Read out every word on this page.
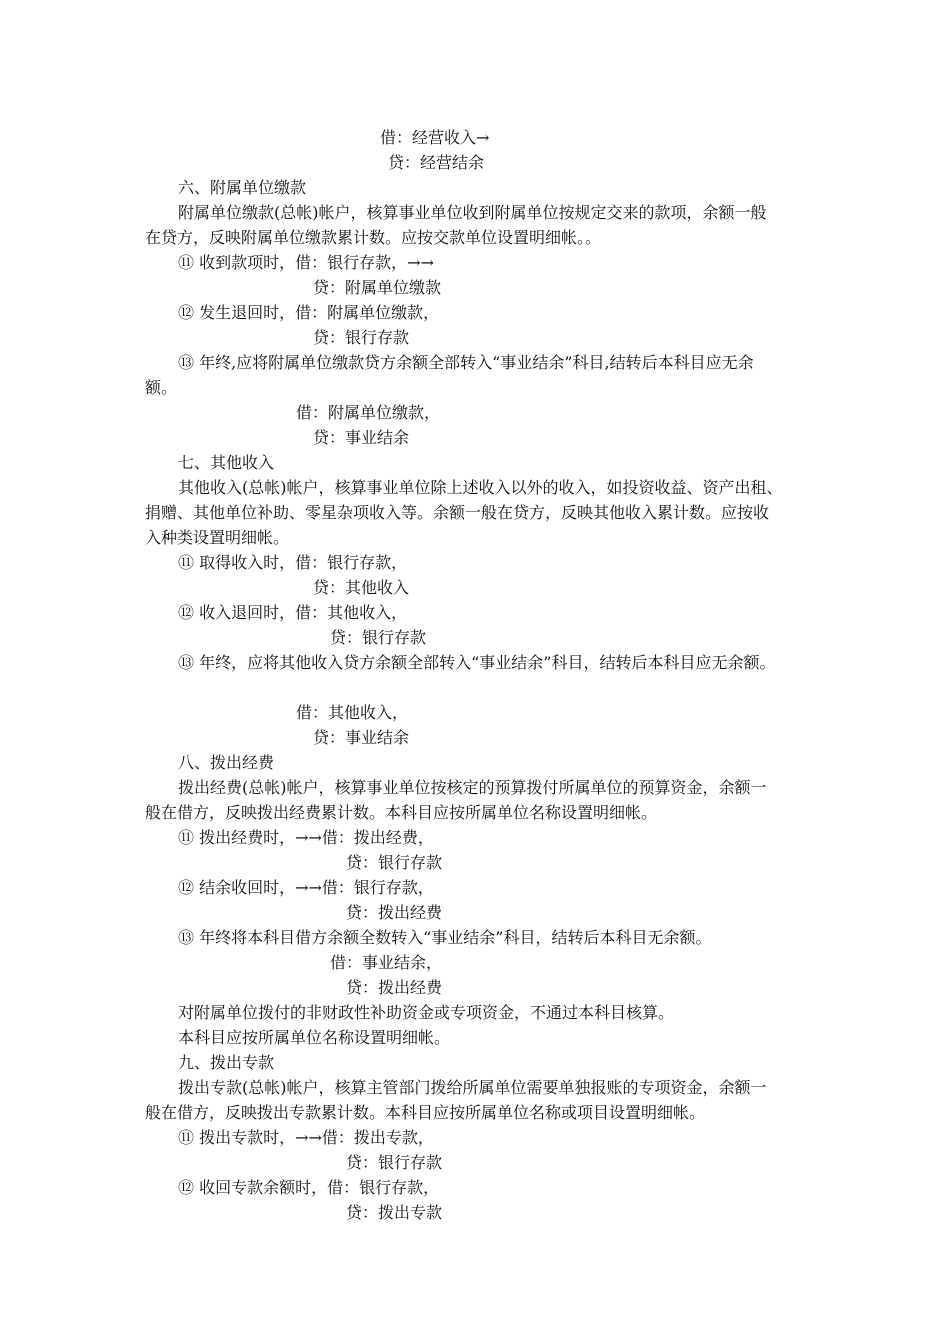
借：经营收入→
贷：经营结余
六、附属单位缴款
附属单位缴款(总帐)帐户，核算事业单位收到附属单位按规定交来的款项，余额一般
在贷方，反映附属单位缴款累计数。应按交款单位设置明细帐。。
⑪ 收到款项时，借：银行存款，→→
贷：附属单位缴款
⑫ 发生退回时，借：附属单位缴款，
贷：银行存款
⑬ 年终,应将附属单位缴款贷方余额全部转入“事业结余”科目,结转后本科目应无余
额。
借：附属单位缴款，
贷：事业结余
七、其他收入
其他收入(总帐)帐户，核算事业单位除上述收入以外的收入，如投资收益、资产出租、
捐赠、其他单位补助、零星杂项收入等。余额一般在贷方，反映其他收入累计数。应按收
入种类设置明细帐。
⑪ 取得收入时，借：银行存款，
贷：其他收入
⑫ 收入退回时，借：其他收入，
贷：银行存款
⑬ 年终，应将其他收入贷方余额全部转入“事业结余”科目，结转后本科目应无余额。
借：其他收入，
贷：事业结余
八、拨出经费
拨出经费(总帐)帐户，核算事业单位按核定的预算拨付所属单位的预算资金，余额一
般在借方，反映拨出经费累计数。本科目应按所属单位名称设置明细帐。
⑪ 拨出经费时，→→借：拨出经费，
贷：银行存款
⑫ 结余收回时，→→借：银行存款，
贷：拨出经费
⑬ 年终将本科目借方余额全数转入“事业结余”科目，结转后本科目无余额。
借：事业结余，
贷：拨出经费
对附属单位拨付的非财政性补助资金或专项资金，不通过本科目核算。
本科目应按所属单位名称设置明细帐。
九、拨出专款
拨出专款(总帐)帐户，核算主管部门拨给所属单位需要单独报账的专项资金，余额一
般在借方，反映拨出专款累计数。本科目应按所属单位名称或项目设置明细帐。
⑪ 拨出专款时，→→借：拨出专款，
贷：银行存款
⑫ 收回专款余额时，借：银行存款，
贷：拨出专款
